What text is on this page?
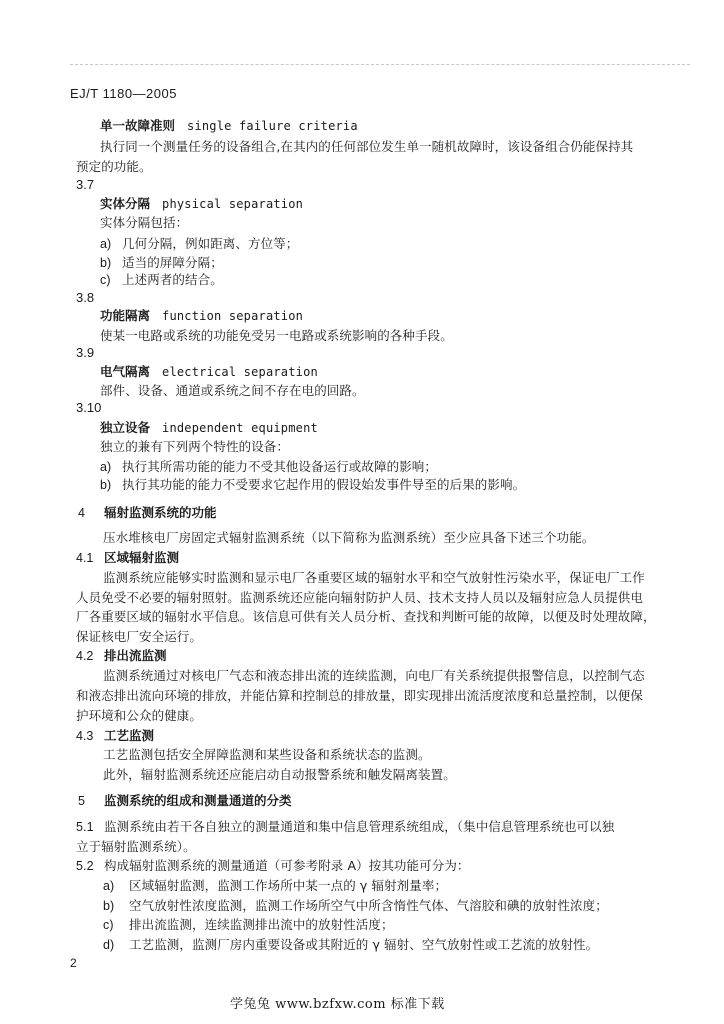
EJ/T 1180—2005
单一故障准则 single failure criteria
执行同一个测量任务的设备组合,在其内的任何部位发生单一随机故障时，该设备组合仍能保持其
预定的功能。
3.7
实体分隔 physical separation
实体分隔包括：
a) 几何分隔，例如距离、方位等；
b) 适当的屏障分隔；
c) 上述两者的结合。
3.8
功能隔离 function separation
使某一电路或系统的功能免受另一电路或系统影响的各种手段。
3.9
电气隔离 electrical separation
部件、设备、通道或系统之间不存在电的回路。
3.10
独立设备 independent equipment
独立的兼有下列两个特性的设备：
a) 执行其所需功能的能力不受其他设备运行或故障的影响；
b) 执行其功能的能力不受要求它起作用的假设始发事件导至的后果的影响。
4 辐射监测系统的功能
压水堆核电厂房固定式辐射监测系统（以下简称为监测系统）至少应具备下述三个功能。
4.1 区域辐射监测
监测系统应能够实时监测和显示电厂各重要区域的辐射水平和空气放射性污染水平，保证电厂工作
人员免受不必要的辐射照射。监测系统还应能向辐射防护人员、技术支持人员以及辐射应急人员提供电
厂各重要区域的辐射水平信息。该信息可供有关人员分析、查找和判断可能的故障，以便及时处理故障，
保证核电厂安全运行。
4.2 排出流监测
监测系统通过对核电厂气态和液态排出流的连续监测，向电厂有关系统提供报警信息，以控制气态
和液态排出流向环境的排放，并能估算和控制总的排放量，即实现排出流活度浓度和总量控制，以便保
护环境和公众的健康。
4.3 工艺监测
工艺监测包括安全屏障监测和某些设备和系统状态的监测。
此外，辐射监测系统还应能启动自动报警系统和触发隔离装置。
5 监测系统的组成和测量通道的分类
5.1 监测系统由若干各自独立的测量通道和集中信息管理系统组成，（集中信息管理系统也可以独
立于辐射监测系统）。
5.2 构成辐射监测系统的测量通道（可参考附录 A）按其功能可分为：
a) 区域辐射监测，监测工作场所中某一点的 γ 辐射剂量率；
b) 空气放射性浓度监测，监测工作场所空气中所含惰性气体、气溶胶和碘的放射性浓度；
c) 排出流监测，连续监测排出流中的放射性活度；
d) 工艺监测，监测厂房内重要设备或其附近的 γ 辐射、空气放射性或工艺流的放射性。
2
学兔兔 www.bzfxw.com 标准下载
